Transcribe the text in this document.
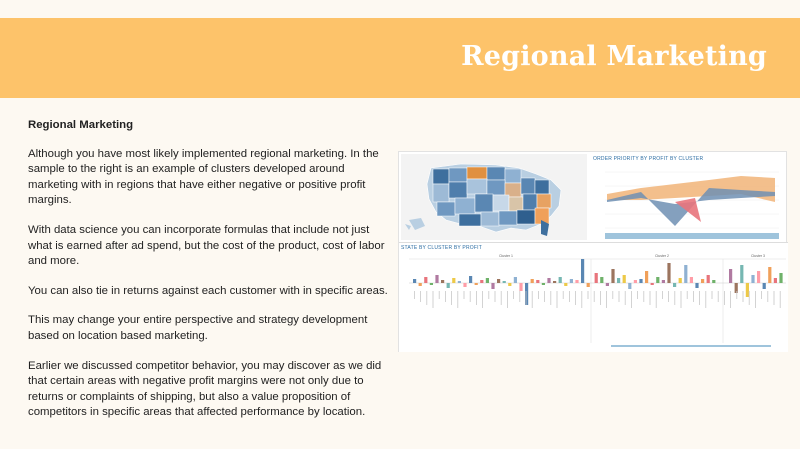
Regional Marketing
Regional Marketing

Although you have most likely implemented regional marketing. In the sample to the right is an example of clusters developed around marketing with in regions that have either negative or positive profit margins.

With data science you can incorporate formulas that include not just what is earned after ad spend, but the cost of the product, cost of labor and more.

You can also tie in returns against each customer with in specific areas.

This may change your entire perspective and strategy development based on location based marketing.

Earlier we discussed competitor behavior, you may discover as we did that certain areas with negative profit margins were not only due to returns or complaints of shipping, but also a value proposition of competitors in specific areas that affected performance by location.

ORDER PRIORITY BY PROFIT BY CLUSTER
STATE BY CLUSTER BY PROFIT
Cluster 1	Cluster 2	Cluster 3
